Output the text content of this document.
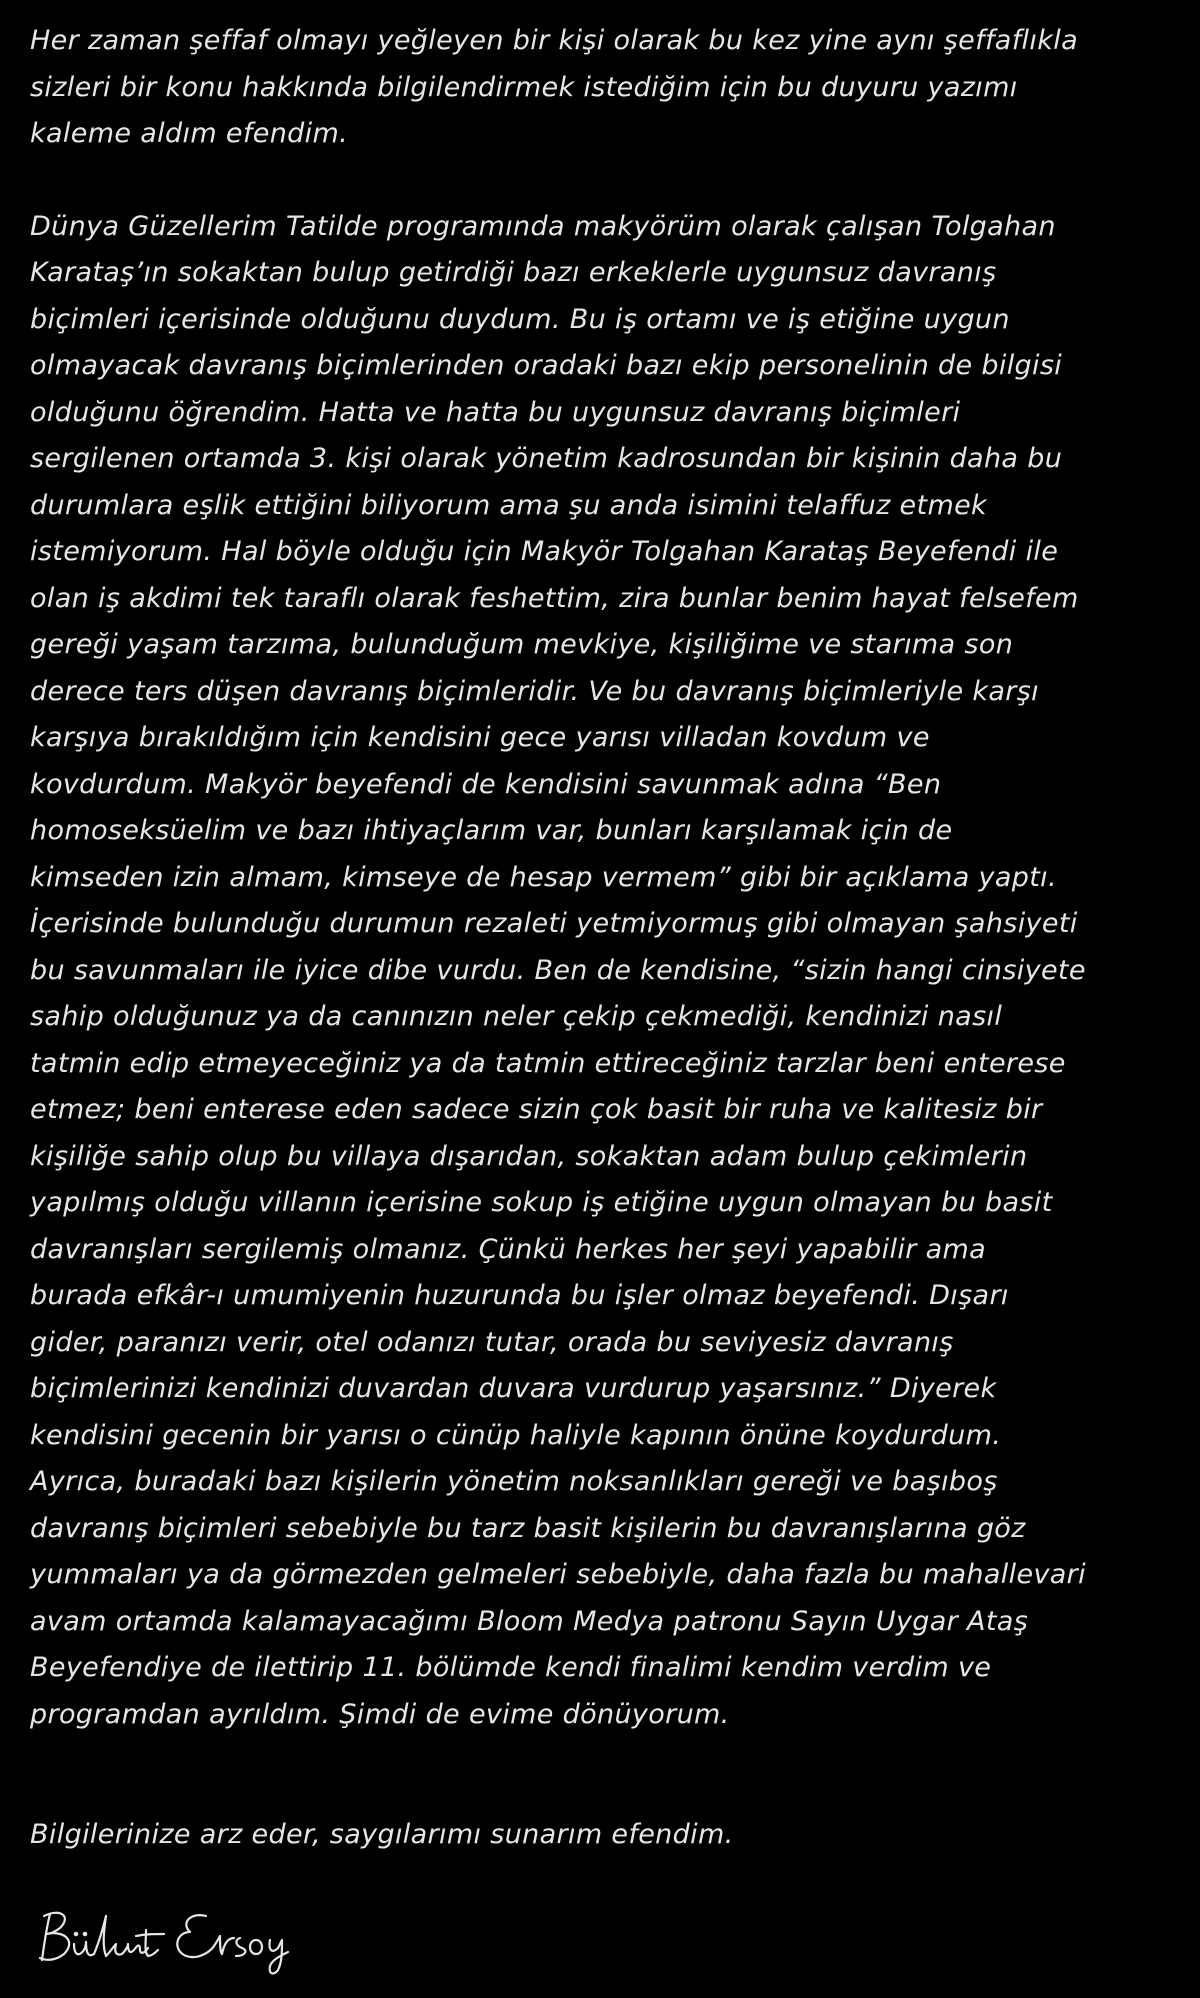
Her zaman şeffaf olmayı yeğleyen bir kişi olarak bu kez yine aynı şeffaflıkla
sizleri bir konu hakkında bilgilendirmek istediğim için bu duyuru yazımı
kaleme aldım efendim.

Dünya Güzellerim Tatilde programında makyörüm olarak çalışan Tolgahan
Karataş’ın sokaktan bulup getirdiği bazı erkeklerle uygunsuz davranış
biçimleri içerisinde olduğunu duydum. Bu iş ortamı ve iş etiğine uygun
olmayacak davranış biçimlerinden oradaki bazı ekip personelinin de bilgisi
olduğunu öğrendim. Hatta ve hatta bu uygunsuz davranış biçimleri
sergilenen ortamda 3. kişi olarak yönetim kadrosundan bir kişinin daha bu
durumlara eşlik ettiğini biliyorum ama şu anda isimini telaffuz etmek
istemiyorum. Hal böyle olduğu için Makyör Tolgahan Karataş Beyefendi ile
olan iş akdimi tek taraflı olarak feshettim, zira bunlar benim hayat felsefem
gereği yaşam tarzıma, bulunduğum mevkiye, kişiliğime ve starıma son
derece ters düşen davranış biçimleridir. Ve bu davranış biçimleriyle karşı
karşıya bırakıldığım için kendisini gece yarısı villadan kovdum ve
kovdurdum. Makyör beyefendi de kendisini savunmak adına “Ben
homoseksüelim ve bazı ihtiyaçlarım var, bunları karşılamak için de
kimseden izin almam, kimseye de hesap vermem” gibi bir açıklama yaptı.
İçerisinde bulunduğu durumun rezaleti yetmiyormuş gibi olmayan şahsiyeti
bu savunmaları ile iyice dibe vurdu. Ben de kendisine, “sizin hangi cinsiyete
sahip olduğunuz ya da canınızın neler çekip çekmediği, kendinizi nasıl
tatmin edip etmeyeceğiniz ya da tatmin ettireceğiniz tarzlar beni enterese
etmez; beni enterese eden sadece sizin çok basit bir ruha ve kalitesiz bir
kişiliğe sahip olup bu villaya dışarıdan, sokaktan adam bulup çekimlerin
yapılmış olduğu villanın içerisine sokup iş etiğine uygun olmayan bu basit
davranışları sergilemiş olmanız. Çünkü herkes her şeyi yapabilir ama
burada efkâr-ı umumiyenin huzurunda bu işler olmaz beyefendi. Dışarı
gider, paranızı verir, otel odanızı tutar, orada bu seviyesiz davranış
biçimlerinizi kendinizi duvardan duvara vurdurup yaşarsınız.” Diyerek
kendisini gecenin bir yarısı o cünüp haliyle kapının önüne koydurdum.
Ayrıca, buradaki bazı kişilerin yönetim noksanlıkları gereği ve başıboş
davranış biçimleri sebebiyle bu tarz basit kişilerin bu davranışlarına göz
yummaları ya da görmezden gelmeleri sebebiyle, daha fazla bu mahallevari
avam ortamda kalamayacağımı Bloom Medya patronu Sayın Uygar Ataş
Beyefendiye de ilettirip 11. bölümde kendi finalimi kendim verdim ve
programdan ayrıldım. Şimdi de evime dönüyorum.

Bilgilerinize arz eder, saygılarımı sunarım efendim.
